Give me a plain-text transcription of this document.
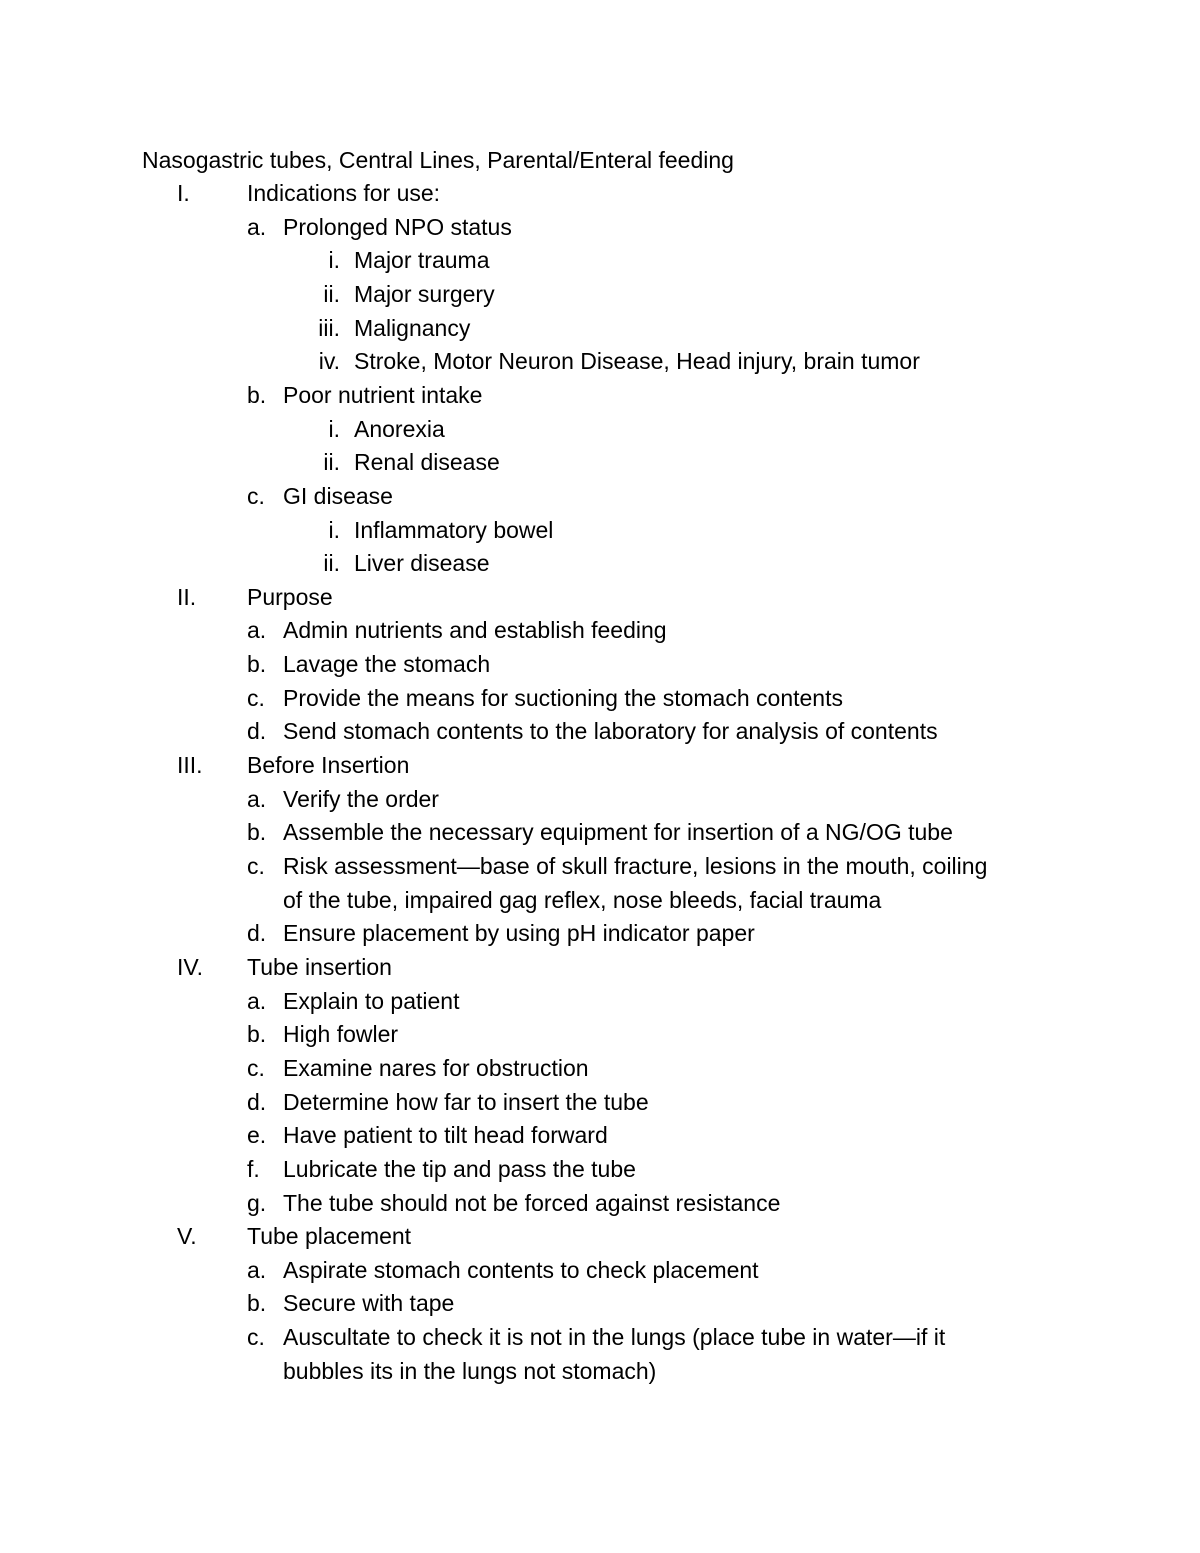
Nasogastric tubes, Central Lines, Parental/Enteral feeding
I. Indications for use:
a. Prolonged NPO status
i. Major trauma
ii. Major surgery
iii. Malignancy
iv. Stroke, Motor Neuron Disease, Head injury, brain tumor
b. Poor nutrient intake
i. Anorexia
ii. Renal disease
c. GI disease
i. Inflammatory bowel
ii. Liver disease
II. Purpose
a. Admin nutrients and establish feeding
b. Lavage the stomach
c. Provide the means for suctioning the stomach contents
d. Send stomach contents to the laboratory for analysis of contents
III. Before Insertion
a. Verify the order
b. Assemble the necessary equipment for insertion of a NG/OG tube
c. Risk assessment—base of skull fracture, lesions in the mouth, coiling
of the tube, impaired gag reflex, nose bleeds, facial trauma
d. Ensure placement by using pH indicator paper
IV. Tube insertion
a. Explain to patient
b. High fowler
c. Examine nares for obstruction
d. Determine how far to insert the tube
e. Have patient to tilt head forward
f. Lubricate the tip and pass the tube
g. The tube should not be forced against resistance
V. Tube placement
a. Aspirate stomach contents to check placement
b. Secure with tape
c. Auscultate to check it is not in the lungs (place tube in water—if it
bubbles its in the lungs not stomach)
